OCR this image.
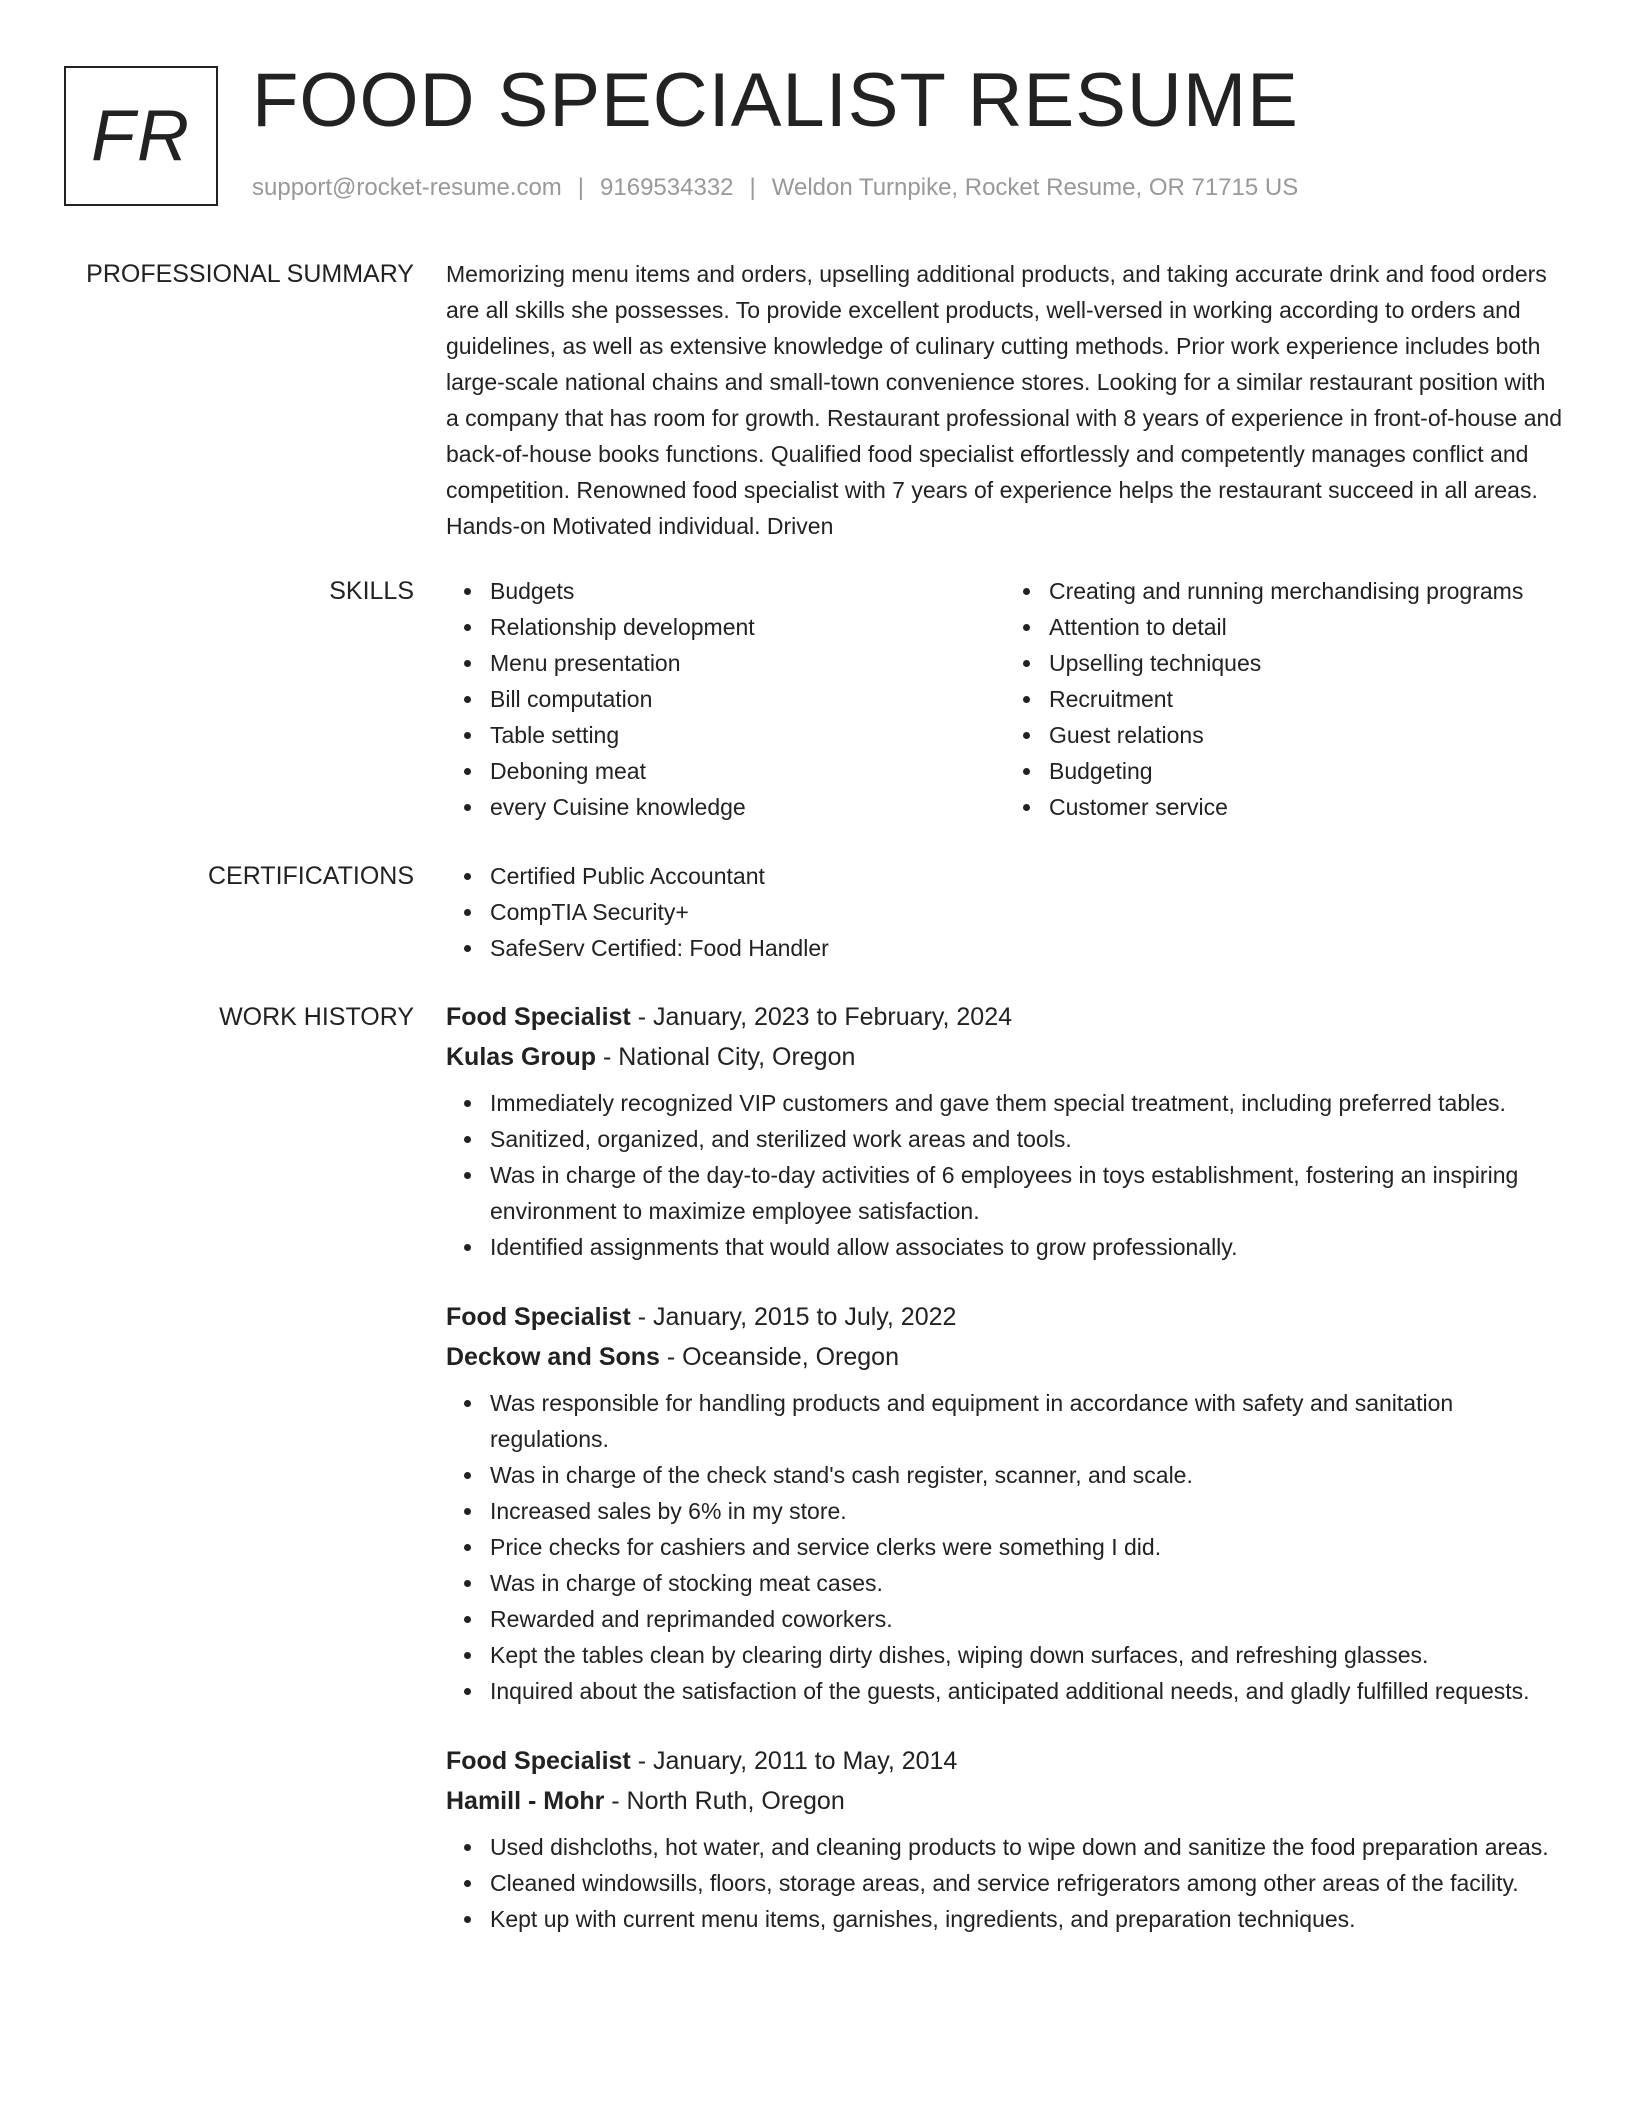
FR FOOD SPECIALIST RESUME
support@rocket-resume.com | 9169534332 | Weldon Turnpike, Rocket Resume, OR 71715 US
PROFESSIONAL SUMMARY Memorizing menu items and orders, upselling additional products, and taking accurate drink and food orders are all skills she possesses. To provide excellent products, well-versed in working according to orders and guidelines, as well as extensive knowledge of culinary cutting methods. Prior work experience includes both large-scale national chains and small-town convenience stores. Looking for a similar restaurant position with a company that has room for growth. Restaurant professional with 8 years of experience in front-of-house and back-of-house books functions. Qualified food specialist effortlessly and competently manages conflict and competition. Renowned food specialist with 7 years of experience helps the restaurant succeed in all areas. Hands-on Motivated individual. Driven

SKILLS	Budgets
Relationship development
Menu presentation
Bill computation
Table setting
Deboning meat
every Cuisine knowledge
Creating and running merchandising programs
Attention to detail
Upselling techniques
Recruitment
Guest relations
Budgeting
Customer service
CERTIFICATIONS	Certified Public Accountant
CompTIA Security+
SafeServ Certified: Food Handler
WORK HISTORY Food Specialist - January, 2023 to February, 2024
Kulas Group - National City, Oregon
Immediately recognized VIP customers and gave them special treatment, including preferred tables.
Sanitized, organized, and sterilized work areas and tools.
Was in charge of the day-to-day activities of 6 employees in toys establishment, fostering an inspiring environment to maximize employee satisfaction.
Identified assignments that would allow associates to grow professionally.
Food Specialist - January, 2015 to July, 2022
Deckow and Sons - Oceanside, Oregon
Was responsible for handling products and equipment in accordance with safety and sanitation regulations.
Was in charge of the check stand's cash register, scanner, and scale.
Increased sales by 6% in my store.
Price checks for cashiers and service clerks were something I did.
Was in charge of stocking meat cases.
Rewarded and reprimanded coworkers.
Kept the tables clean by clearing dirty dishes, wiping down surfaces, and refreshing glasses.
Inquired about the satisfaction of the guests, anticipated additional needs, and gladly fulfilled requests.
Food Specialist - January, 2011 to May, 2014
Hamill - Mohr - North Ruth, Oregon
Used dishcloths, hot water, and cleaning products to wipe down and sanitize the food preparation areas.
Cleaned windowsills, floors, storage areas, and service refrigerators among other areas of the facility.
Kept up with current menu items, garnishes, ingredients, and preparation techniques.
